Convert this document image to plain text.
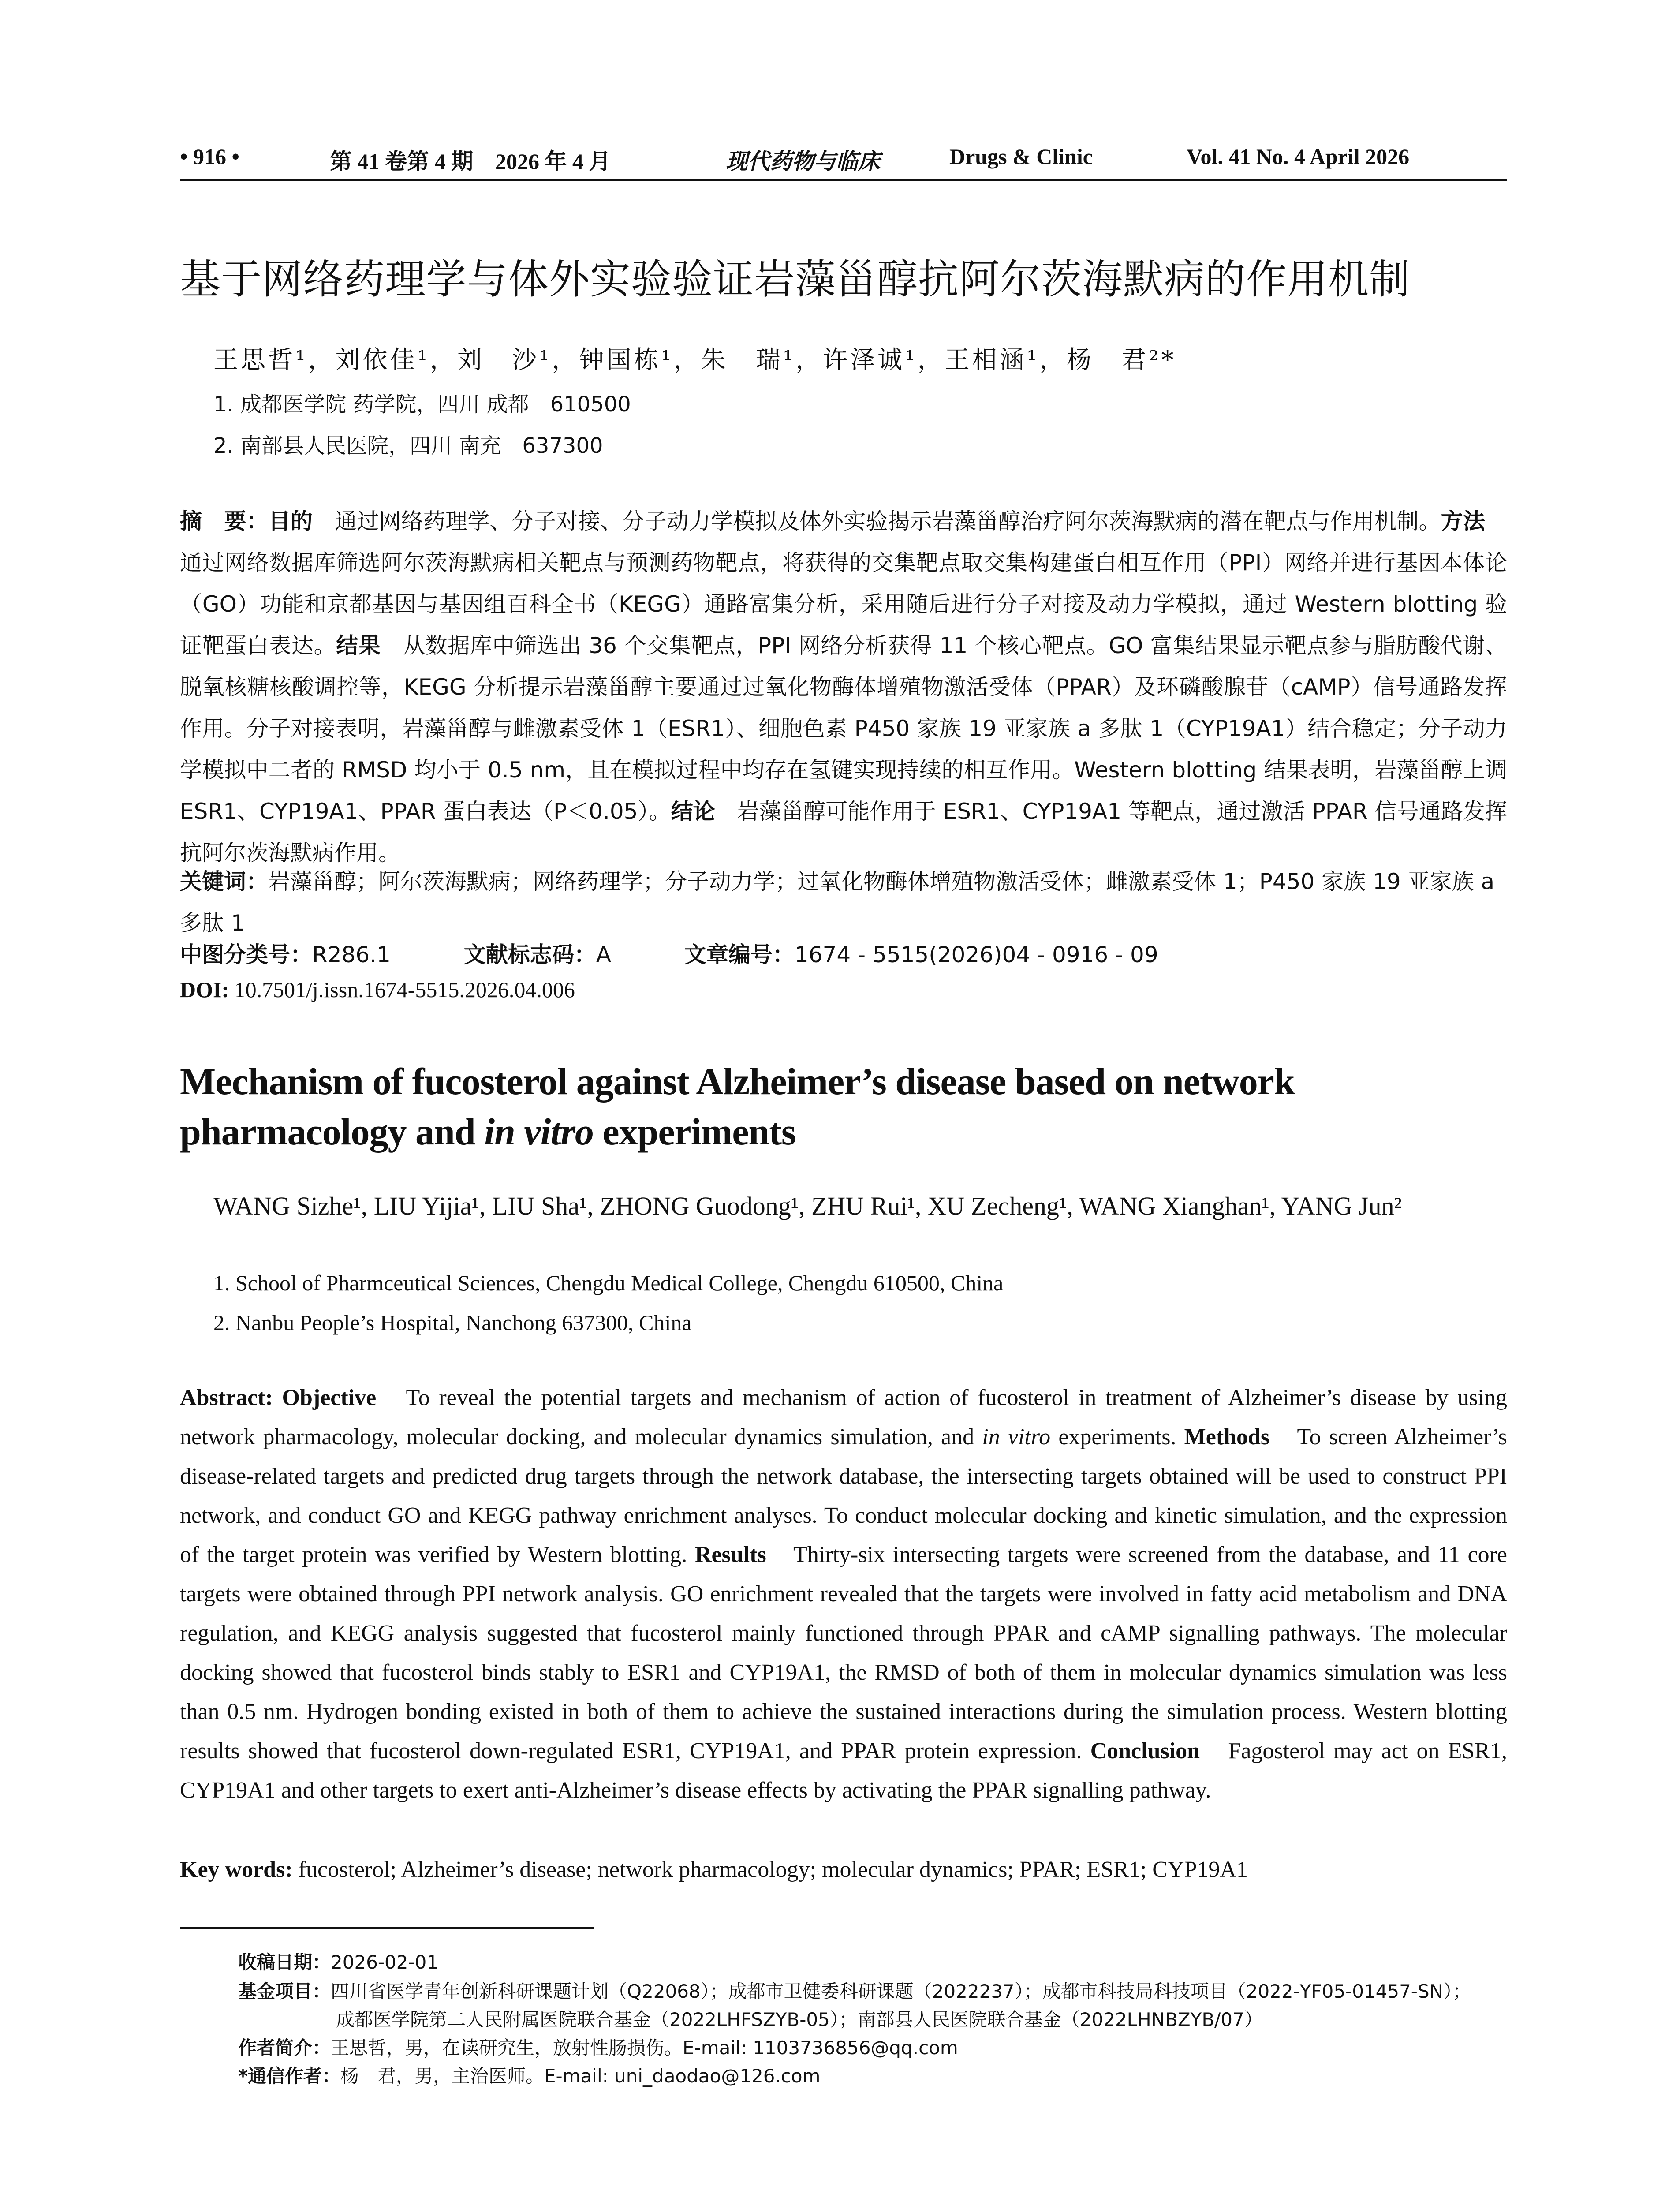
• 916 •	第 41 卷第 4 期　2026 年 4 月	现代药物与临床	Drugs & Clinic	Vol. 41 No. 4 April 2026
基于网络药理学与体外实验验证岩藻甾醇抗阿尔茨海默病的作用机制
王思哲¹，刘依佳¹，刘　沙¹，钟国栋¹，朱　瑞¹，许泽诚¹，王相涵¹，杨　君²*
1. 成都医学院 药学院，四川 成都　610500
2. 南部县人民医院，四川 南充　637300
摘　要：目的　通过网络药理学、分子对接、分子动力学模拟及体外实验揭示岩藻甾醇治疗阿尔茨海默病的潜在靶点与作用机制。方法　通过网络数据库筛选阿尔茨海默病相关靶点与预测药物靶点，将获得的交集靶点取交集构建蛋白相互作用（PPI）网络并进行基因本体论（GO）功能和京都基因与基因组百科全书（KEGG）通路富集分析，采用随后进行分子对接及动力学模拟，通过 Western blotting 验证靶蛋白表达。结果　从数据库中筛选出 36 个交集靶点，PPI 网络分析获得 11 个核心靶点。GO 富集结果显示靶点参与脂肪酸代谢、脱氧核糖核酸调控等，KEGG 分析提示岩藻甾醇主要通过过氧化物酶体增殖物激活受体（PPAR）及环磷酸腺苷（cAMP）信号通路发挥作用。分子对接表明，岩藻甾醇与雌激素受体 1（ESR1）、细胞色素 P450 家族 19 亚家族 a 多肽 1（CYP19A1）结合稳定；分子动力学模拟中二者的 RMSD 均小于 0.5 nm，且在模拟过程中均存在氢键实现持续的相互作用。Western blotting 结果表明，岩藻甾醇上调 ESR1、CYP19A1、PPAR 蛋白表达（P＜0.05）。结论　岩藻甾醇可能作用于 ESR1、CYP19A1 等靶点，通过激活 PPAR 信号通路发挥抗阿尔茨海默病作用。
关键词：岩藻甾醇；阿尔茨海默病；网络药理学；分子动力学；过氧化物酶体增殖物激活受体；雌激素受体 1；P450 家族 19 亚家族 a 多肽 1
中图分类号：R286.1	文献标志码：A	文章编号：1674 - 5515(2026)04 - 0916 - 09
DOI: 10.7501/j.issn.1674-5515.2026.04.006
Mechanism of fucosterol against Alzheimer’s disease based on network pharmacology and in vitro experiments
WANG Sizhe¹, LIU Yijia¹, LIU Sha¹, ZHONG Guodong¹, ZHU Rui¹, XU Zecheng¹, WANG Xianghan¹, YANG Jun²
1. School of Pharmceutical Sciences, Chengdu Medical College, Chengdu 610500, China
2. Nanbu People’s Hospital, Nanchong 637300, China
Abstract: Objective　To reveal the potential targets and mechanism of action of fucosterol in treatment of Alzheimer’s disease by using network pharmacology, molecular docking, and molecular dynamics simulation, and in vitro experiments. Methods　To screen Alzheimer’s disease-related targets and predicted drug targets through the network database, the intersecting targets obtained will be used to construct PPI network, and conduct GO and KEGG pathway enrichment analyses. To conduct molecular docking and kinetic simulation, and the expression of the target protein was verified by Western blotting. Results　Thirty-six intersecting targets were screened from the database, and 11 core targets were obtained through PPI network analysis. GO enrichment revealed that the targets were involved in fatty acid metabolism and DNA regulation, and KEGG analysis suggested that fucosterol mainly functioned through PPAR and cAMP signalling pathways. The molecular docking showed that fucosterol binds stably to ESR1 and CYP19A1, the RMSD of both of them in molecular dynamics simulation was less than 0.5 nm. Hydrogen bonding existed in both of them to achieve the sustained interactions during the simulation process. Western blotting results showed that fucosterol down-regulated ESR1, CYP19A1, and PPAR protein expression. Conclusion　Fagosterol may act on ESR1, CYP19A1 and other targets to exert anti-Alzheimer’s disease effects by activating the PPAR signalling pathway.
Key words: fucosterol; Alzheimer’s disease; network pharmacology; molecular dynamics; PPAR; ESR1; CYP19A1
收稿日期：2026-02-01
基金项目：四川省医学青年创新科研课题计划（Q22068）；成都市卫健委科研课题（2022237）；成都市科技局科技项目（2022-YF05-01457-SN）；
成都医学院第二人民附属医院联合基金（2022LHFSZYB-05）；南部县人民医院联合基金（2022LHNBZYB/07）
作者简介：王思哲，男，在读研究生，放射性肠损伤。E-mail: 1103736856@qq.com
*通信作者：杨　君，男，主治医师。E-mail: uni_daodao@126.com
